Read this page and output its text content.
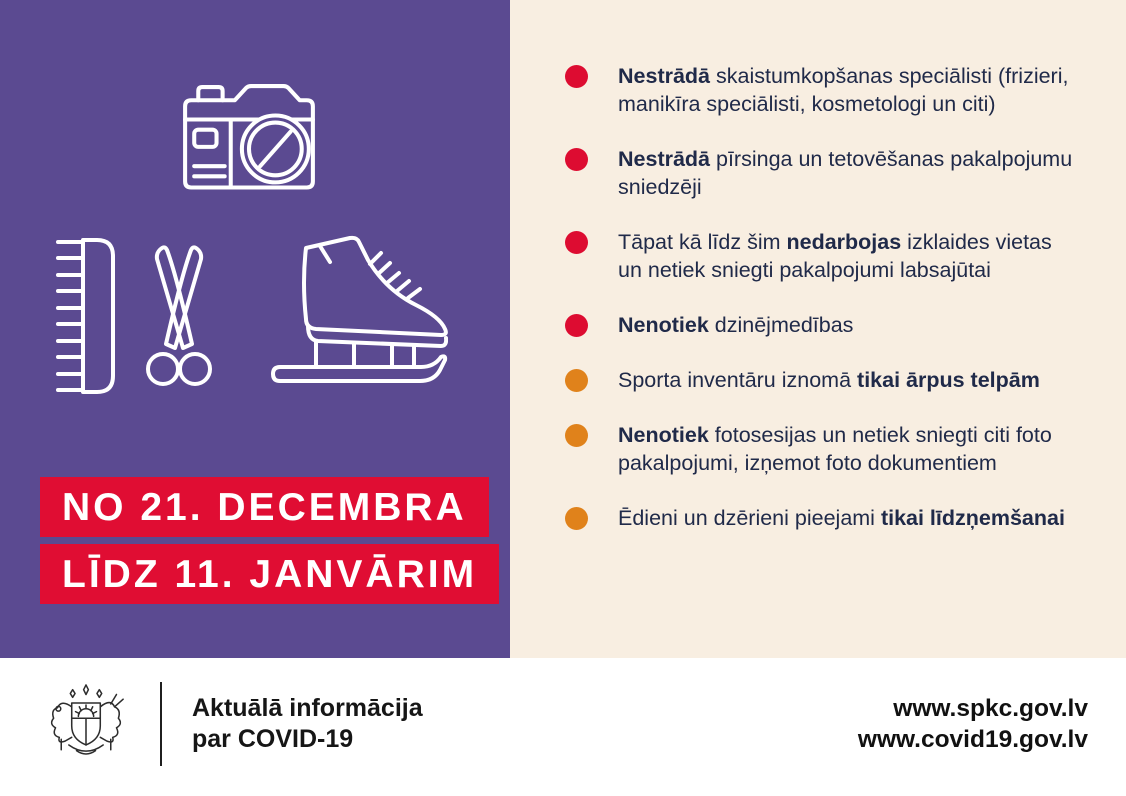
NO 21. DECEMBRA
LĪDZ 11. JANVĀRIM
Nestrādā skaistumkopšanas speciālisti (frizieri, manikīra speciālisti, kosmetologi un citi)
Nestrādā pīrsinga un tetovēšanas pakalpojumu sniedzēji
Tāpat kā līdz šim nedarbojas izklaides vietas un netiek sniegti pakalpojumi labsajūtai
Nenotiek dzinējmedības
Sporta inventāru iznomā tikai ārpus telpām
Nenotiek fotosesijas un netiek sniegti citi foto pakalpojumi, izņemot foto dokumentiem
Ēdieni un dzērieni pieejami tikai līdzņemšanai
Aktuālā informācija
par COVID-19
www.spkc.gov.lv
www.covid19.gov.lv
